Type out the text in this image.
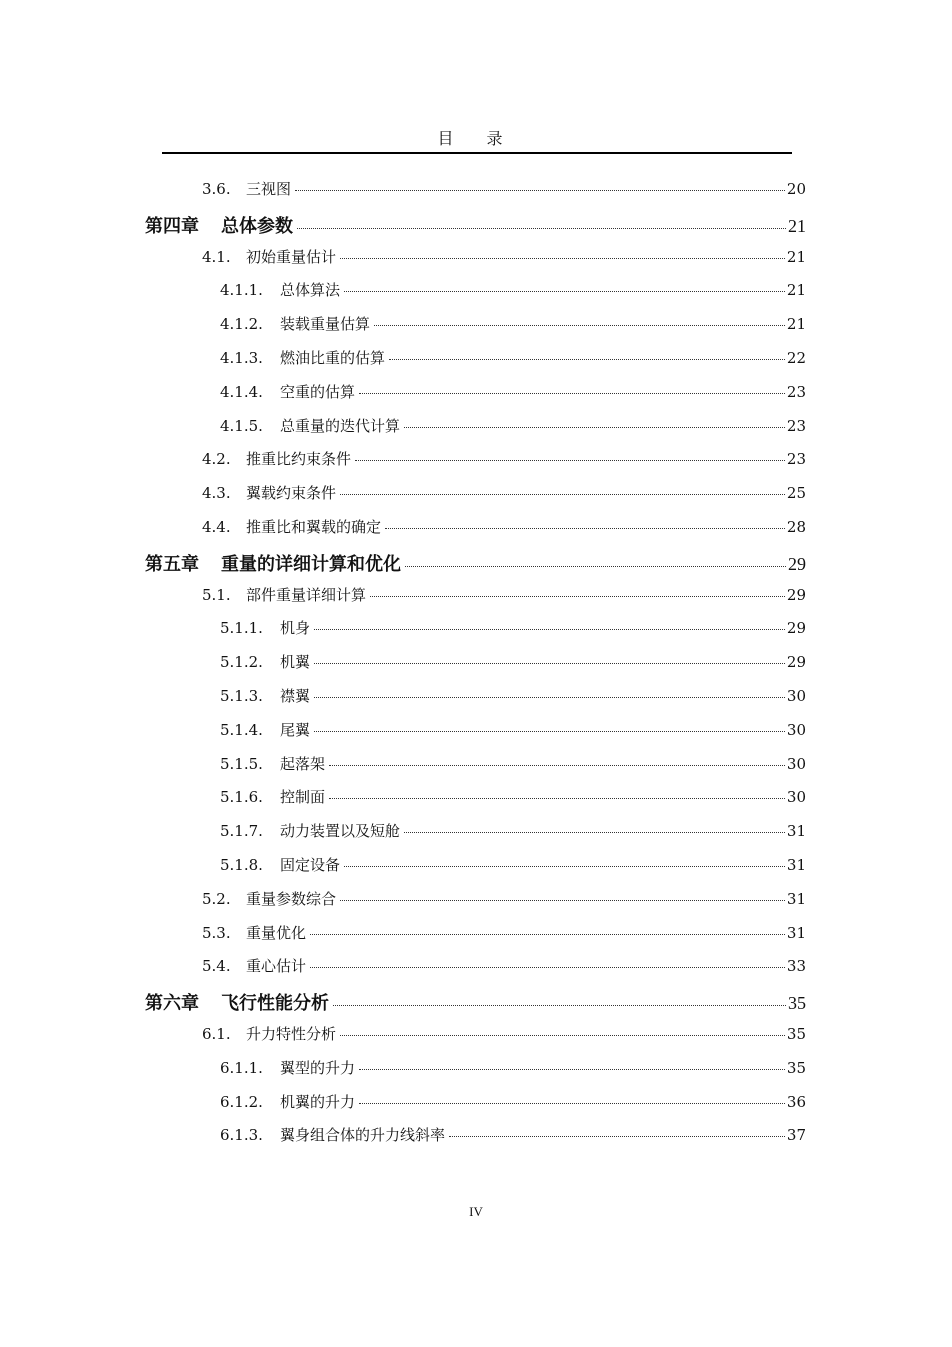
目 录
3.6.	三视图	20
第四章	总体参数	21
4.1.	初始重量估计	21
4.1.1.	总体算法	21
4.1.2.	装载重量估算	21
4.1.3.	燃油比重的估算	22
4.1.4.	空重的估算	23
4.1.5.	总重量的迭代计算	23
4.2.	推重比约束条件	23
4.3.	翼载约束条件	25
4.4.	推重比和翼载的确定	28
第五章	重量的详细计算和优化	29
5.1.	部件重量详细计算	29
5.1.1.	机身	29
5.1.2.	机翼	29
5.1.3.	襟翼	30
5.1.4.	尾翼	30
5.1.5.	起落架	30
5.1.6.	控制面	30
5.1.7.	动力装置以及短舱	31
5.1.8.	固定设备	31
5.2.	重量参数综合	31
5.3.	重量优化	31
5.4.	重心估计	33
第六章	飞行性能分析	35
6.1.	升力特性分析	35
6.1.1.	翼型的升力	35
6.1.2.	机翼的升力	36
6.1.3.	翼身组合体的升力线斜率	37
IV
